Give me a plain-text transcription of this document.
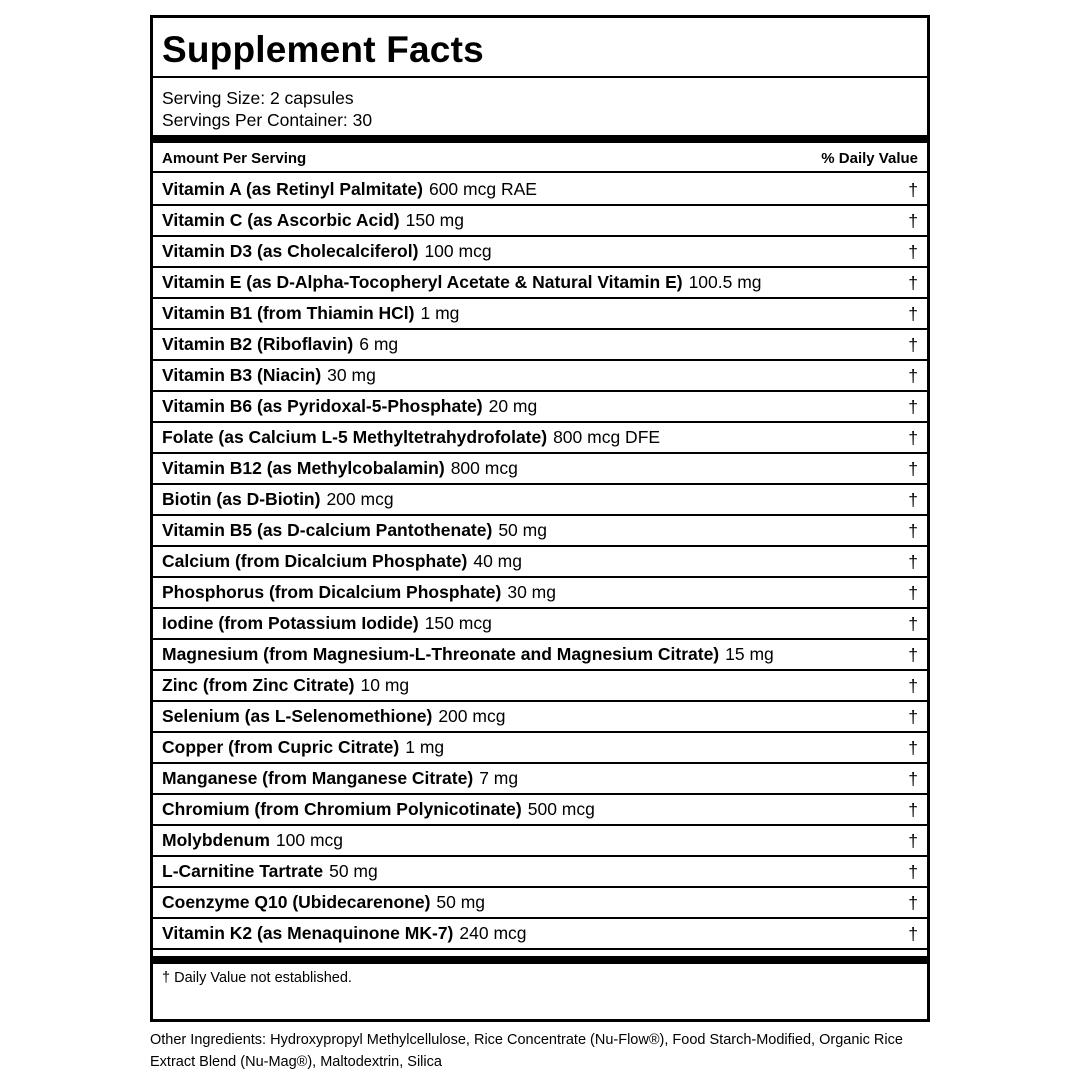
Supplement Facts
Serving Size: 2 capsules
Servings Per Container: 30
Amount Per Serving	% Daily Value
Vitamin A (as Retinyl Palmitate) 600 mcg RAE	†
Vitamin C (as Ascorbic Acid) 150 mg	†
Vitamin D3 (as Cholecalciferol) 100 mcg	†
Vitamin E (as D-Alpha-Tocopheryl Acetate & Natural Vitamin E) 100.5 mg	†
Vitamin B1 (from Thiamin HCl) 1 mg	†
Vitamin B2 (Riboflavin) 6 mg	†
Vitamin B3 (Niacin) 30 mg	†
Vitamin B6 (as Pyridoxal-5-Phosphate) 20 mg	†
Folate (as Calcium L-5 Methyltetrahydrofolate) 800 mcg DFE	†
Vitamin B12 (as Methylcobalamin) 800 mcg	†
Biotin (as D-Biotin) 200 mcg	†
Vitamin B5 (as D-calcium Pantothenate) 50 mg	†
Calcium (from Dicalcium Phosphate) 40 mg	†
Phosphorus (from Dicalcium Phosphate) 30 mg	†
Iodine (from Potassium Iodide) 150 mcg	†
Magnesium (from Magnesium-L-Threonate and Magnesium Citrate) 15 mg	†
Zinc (from Zinc Citrate) 10 mg	†
Selenium (as L-Selenomethione) 200 mcg	†
Copper (from Cupric Citrate) 1 mg	†
Manganese (from Manganese Citrate) 7 mg	†
Chromium (from Chromium Polynicotinate) 500 mcg	†
Molybdenum 100 mcg	†
L-Carnitine Tartrate 50 mg	†
Coenzyme Q10 (Ubidecarenone) 50 mg	†
Vitamin K2 (as Menaquinone MK-7) 240 mcg	†
† Daily Value not established.
Other Ingredients: Hydroxypropyl Methylcellulose, Rice Concentrate (Nu-Flow®), Food Starch-Modified, Organic Rice Extract Blend (Nu-Mag®), Maltodextrin, Silica
